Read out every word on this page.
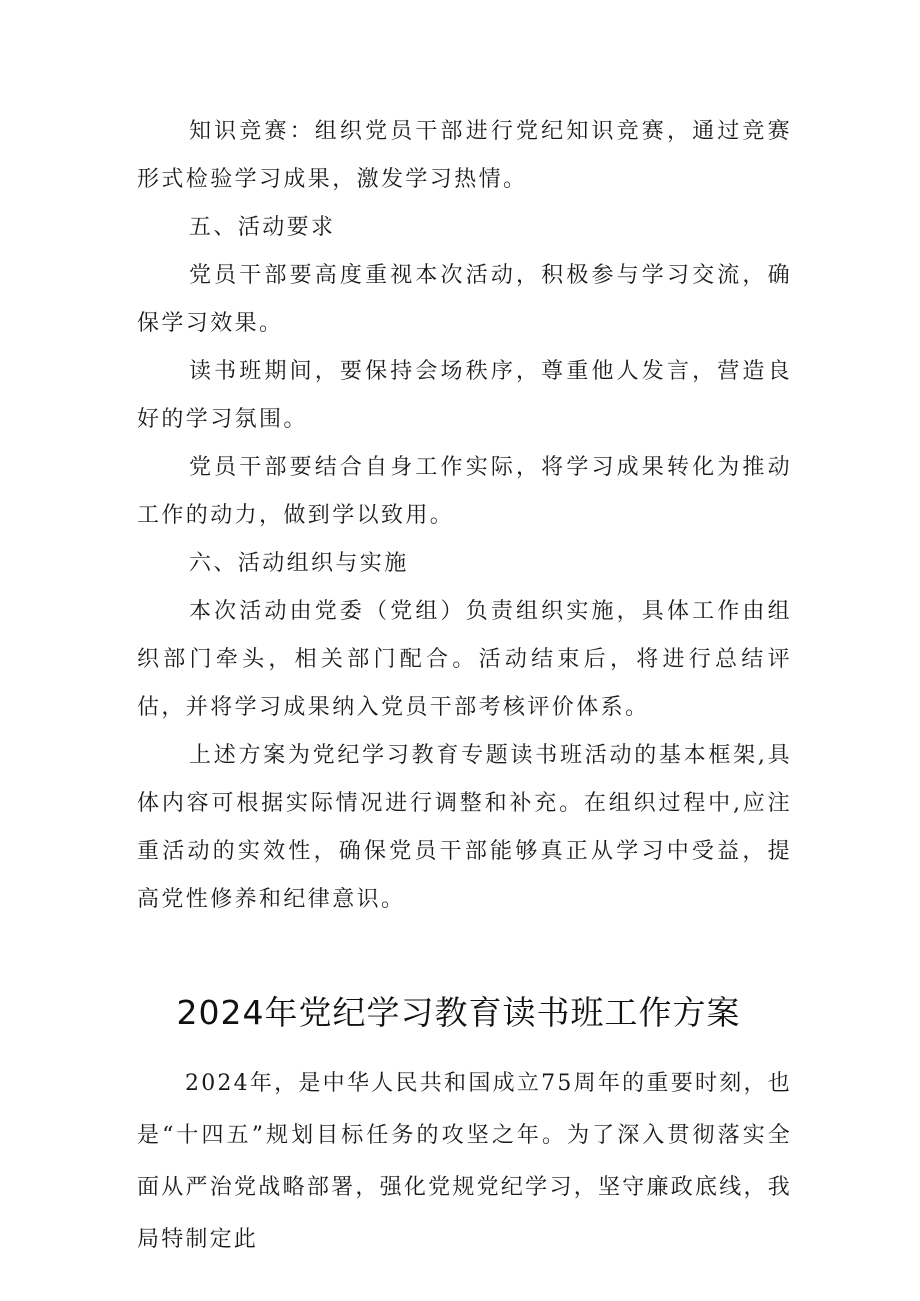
知识竞赛：组织党员干部进行党纪知识竞赛，通过竞赛形式检验学习成果，激发学习热情。

五、活动要求

党员干部要高度重视本次活动，积极参与学习交流，确保学习效果。

读书班期间，要保持会场秩序，尊重他人发言，营造良好的学习氛围。

党员干部要结合自身工作实际，将学习成果转化为推动工作的动力，做到学以致用。

六、活动组织与实施

本次活动由党委（党组）负责组织实施，具体工作由组织部门牵头，相关部门配合。活动结束后，将进行总结评估，并将学习成果纳入党员干部考核评价体系。

上述方案为党纪学习教育专题读书班活动的基本框架,具体内容可根据实际情况进行调整和补充。在组织过程中,应注重活动的实效性，确保党员干部能够真正从学习中受益，提高党性修养和纪律意识。

2024年党纪学习教育读书班工作方案

2024年，是中华人民共和国成立75周年的重要时刻，也是“十四五”规划目标任务的攻坚之年。为了深入贯彻落实全面从严治党战略部署，强化党规党纪学习，坚守廉政底线，我局特制定此
